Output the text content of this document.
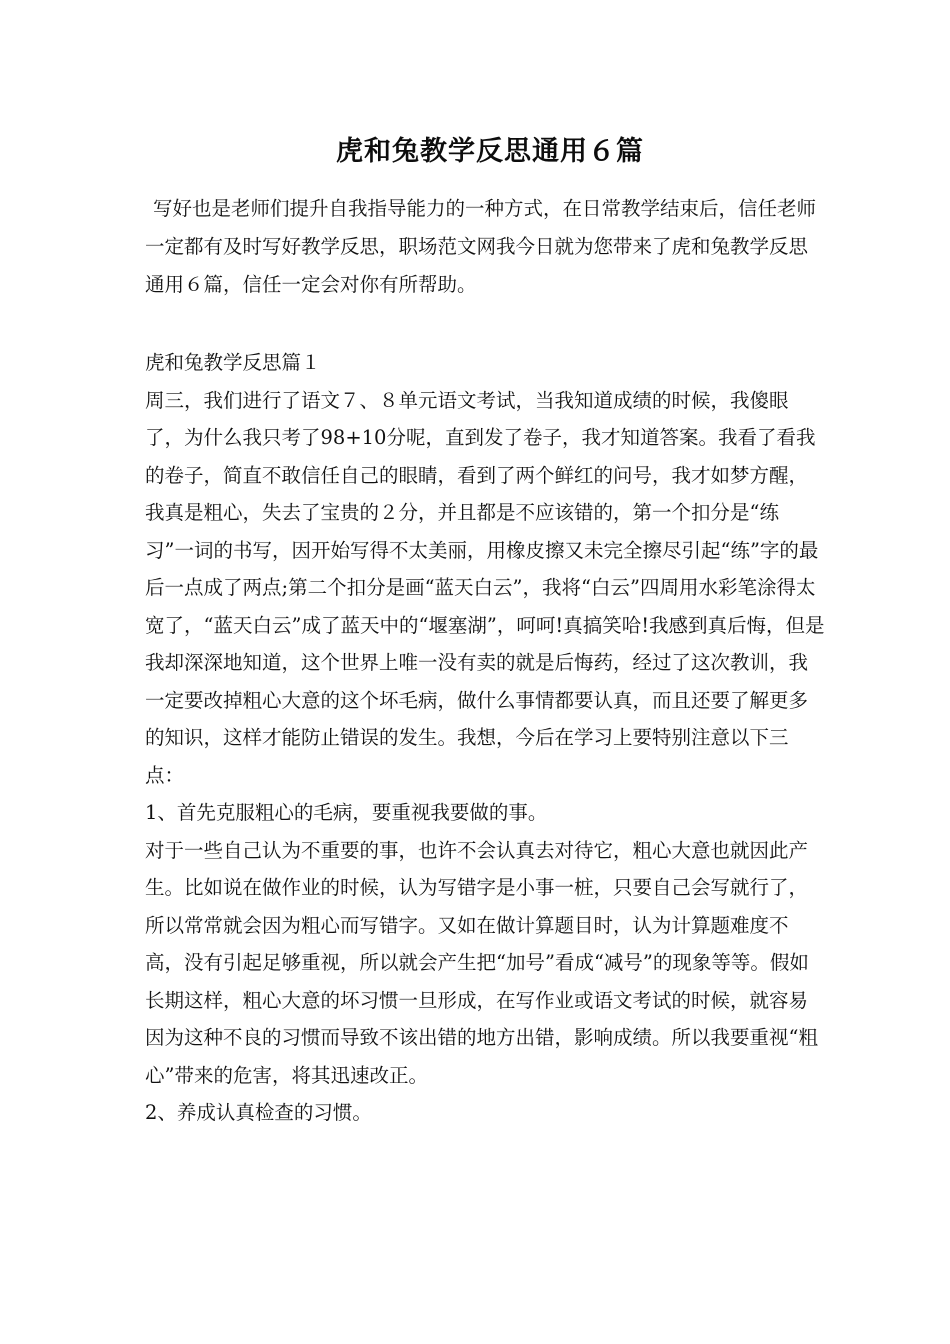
虎和兔教学反思通用６篇

写好也是老师们提升自我指导能力的一种方式，在日常教学结束后，信任老师一定都有及时写好教学反思，职场范文网我今日就为您带来了虎和兔教学反思通用６篇，信任一定会对你有所帮助。

虎和兔教学反思篇１

周三，我们进行了语文７、８单元语文考试，当我知道成绩的时候，我傻眼了，为什么我只考了98+10分呢，直到发了卷子，我才知道答案。我看了看我的卷子，简直不敢信任自己的眼睛，看到了两个鲜红的问号，我才如梦方醒，我真是粗心，失去了宝贵的２分，并且都是不应该错的，第一个扣分是“练习”一词的书写，因开始写得不太美丽，用橡皮擦又未完全擦尽引起“练”字的最后一点成了两点;第二个扣分是画“蓝天白云”，我将“白云”四周用水彩笔涂得太宽了，“蓝天白云”成了蓝天中的“堰塞湖”，呵呵!真搞笑哈!我感到真后悔，但是我却深深地知道，这个世界上唯一没有卖的就是后悔药，经过了这次教训，我一定要改掉粗心大意的这个坏毛病，做什么事情都要认真，而且还要了解更多的知识，这样才能防止错误的发生。我想，今后在学习上要特别注意以下三点：

1、首先克服粗心的毛病，要重视我要做的事。

对于一些自己认为不重要的事，也许不会认真去对待它，粗心大意也就因此产生。比如说在做作业的时候，认为写错字是小事一桩，只要自己会写就行了，所以常常就会因为粗心而写错字。又如在做计算题目时，认为计算题难度不高，没有引起足够重视，所以就会产生把“加号”看成“减号”的现象等等。假如长期这样，粗心大意的坏习惯一旦形成，在写作业或语文考试的时候，就容易因为这种不良的习惯而导致不该出错的地方出错，影响成绩。所以我要重视“粗心”带来的危害，将其迅速改正。

2、养成认真检查的习惯。
